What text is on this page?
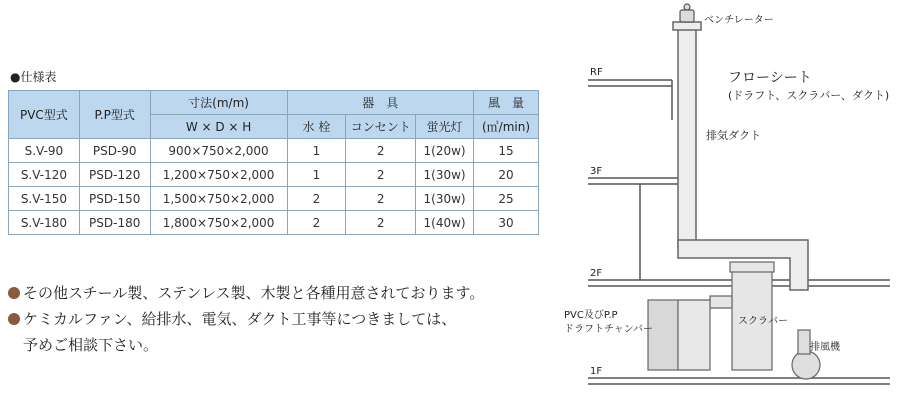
●仕様表
PVC型式	P.P型式	寸法(m/m)	器　具			風　量
		W × D × H	水 栓	コンセント	蛍光灯	(㎥/min)
S.V-90	PSD-90	900×750×2,000	1	2	1(20w)	15
S.V-120	PSD-120	1,200×750×2,000	1	2	1(30w)	20
S.V-150	PSD-150	1,500×750×2,000	2	2	1(30w)	25
S.V-180	PSD-180	1,800×750×2,000	2	2	1(40w)	30
その他スチール製、ステンレス製、木製と各種用意されております。
ケミカルファン、給排水、電気、ダクト工事等につきましては、
予めご相談下さい。
ベンチレーター
フローシート
(ドラフト、スクラバー、ダクト)
排気ダクト
RF
3F
2F
1F
PVC及びP.P
ドラフトチャンバー
スクラバー
排風機
